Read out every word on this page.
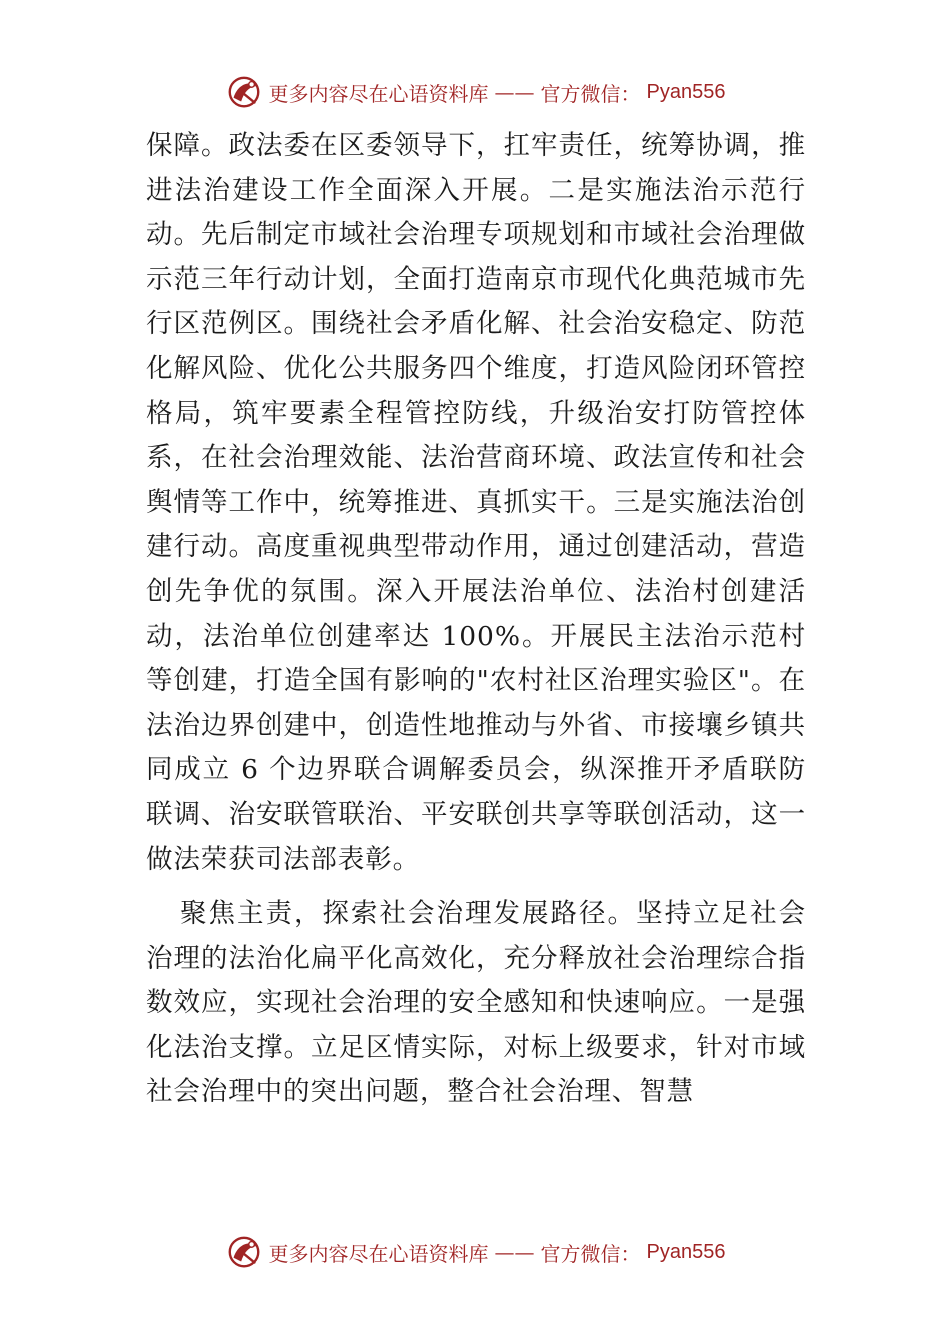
更多内容尽在心语资料库 —— 官方微信： Pyan556

保障。政法委在区委领导下，扛牢责任，统筹协调，推进法治建设工作全面深入开展。二是实施法治示范行动。先后制定市域社会治理专项规划和市域社会治理做示范三年行动计划，全面打造南京市现代化典范城市先行区范例区。围绕社会矛盾化解、社会治安稳定、防范化解风险、优化公共服务四个维度，打造风险闭环管控格局，筑牢要素全程管控防线，升级治安打防管控体系，在社会治理效能、法治营商环境、政法宣传和社会舆情等工作中，统筹推进、真抓实干。三是实施法治创建行动。高度重视典型带动作用，通过创建活动，营造创先争优的氛围。深入开展法治单位、法治村创建活动，法治单位创建率达 100%。开展民主法治示范村等创建，打造全国有影响的"农村社区治理实验区"。在法治边界创建中，创造性地推动与外省、市接壤乡镇共同成立 6 个边界联合调解委员会，纵深推开矛盾联防联调、治安联管联治、平安联创共享等联创活动，这一做法荣获司法部表彰。

聚焦主责，探索社会治理发展路径。坚持立足社会治理的法治化扁平化高效化，充分释放社会治理综合指数效应，实现社会治理的安全感知和快速响应。一是强化法治支撑。立足区情实际，对标上级要求，针对市域社会治理中的突出问题，整合社会治理、智慧

更多内容尽在心语资料库 —— 官方微信： Pyan556
